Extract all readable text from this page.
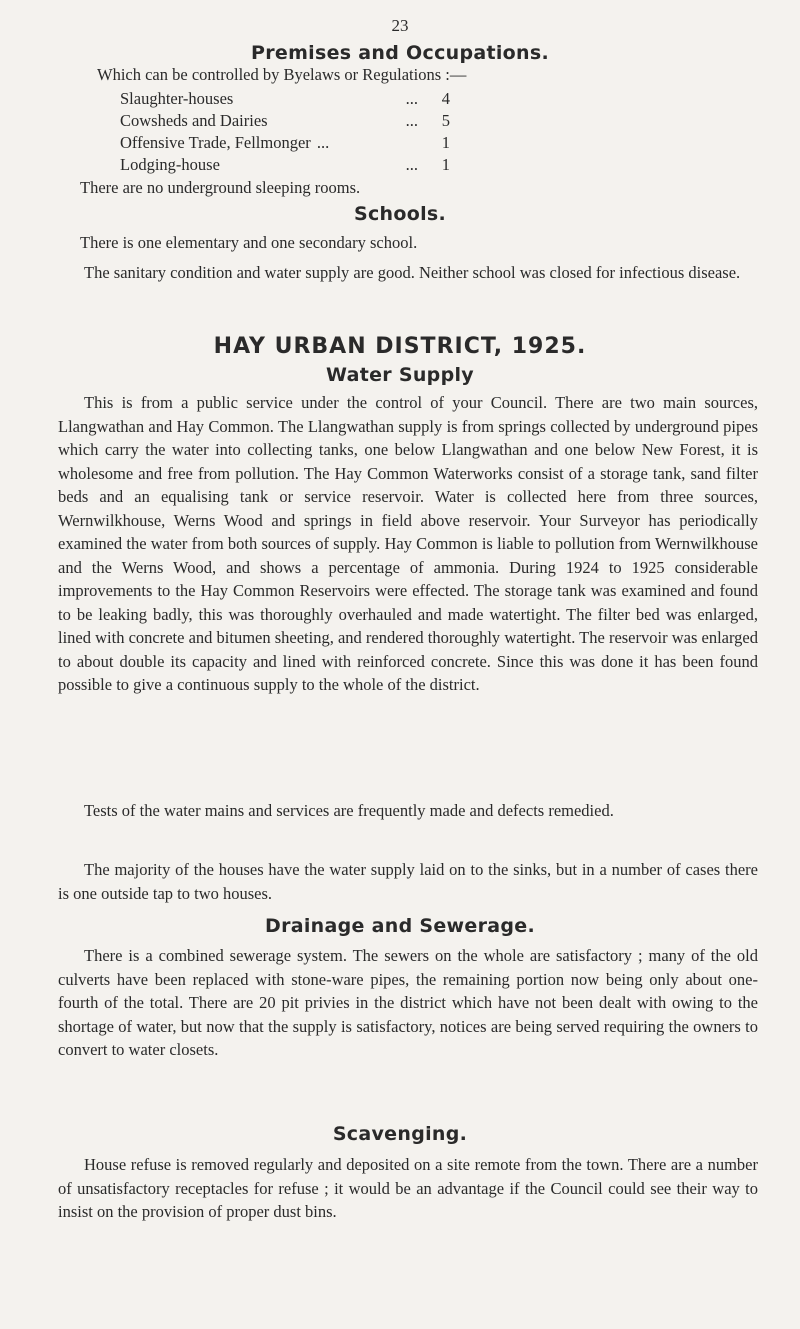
23
Premises and Occupations.
Which can be controlled by Byelaws or Regulations :—
Slaughter-houses	...	4
Cowsheds and Dairies	...	5
Offensive Trade, Fellmonger ...	1
Lodging-house	...	1
There are no underground sleeping rooms.
Schools.
There is one elementary and one secondary school.
The sanitary condition and water supply are good. Neither school was closed for infectious disease.
HAY URBAN DISTRICT, 1925.
Water Supply
This is from a public service under the control of your Council. There are two main sources, Llangwathan and Hay Common. The Llangwathan supply is from springs collected by underground pipes which carry the water into collecting tanks, one below Llangwathan and one below New Forest, it is wholesome and free from pollution. The Hay Common Waterworks consist of a storage tank, sand filter beds and an equalising tank or service reservoir. Water is collected here from three sources, Wernwilkhouse, Werns Wood and springs in field above reservoir. Your Surveyor has periodically examined the water from both sources of supply. Hay Common is liable to pollution from Wernwilkhouse and the Werns Wood, and shows a percentage of ammonia. During 1924 to 1925 considerable improvements to the Hay Common Reservoirs were effected. The storage tank was examined and found to be leaking badly, this was thoroughly overhauled and made watertight. The filter bed was enlarged, lined with concrete and bitumen sheeting, and rendered thoroughly watertight. The reservoir was enlarged to about double its capacity and lined with reinforced concrete. Since this was done it has been found possible to give a continuous supply to the whole of the district.
Tests of the water mains and services are frequently made and defects remedied.
The majority of the houses have the water supply laid on to the sinks, but in a number of cases there is one outside tap to two houses.
Drainage and Sewerage.
There is a combined sewerage system. The sewers on the whole are satisfactory ; many of the old culverts have been replaced with stone-ware pipes, the remaining portion now being only about one-fourth of the total. There are 20 pit privies in the district which have not been dealt with owing to the shortage of water, but now that the supply is satisfactory, notices are being served requiring the owners to convert to water closets.
Scavenging.
House refuse is removed regularly and deposited on a site remote from the town. There are a number of unsatisfactory receptacles for refuse ; it would be an advantage if the Council could see their way to insist on the provision of proper dust bins.
